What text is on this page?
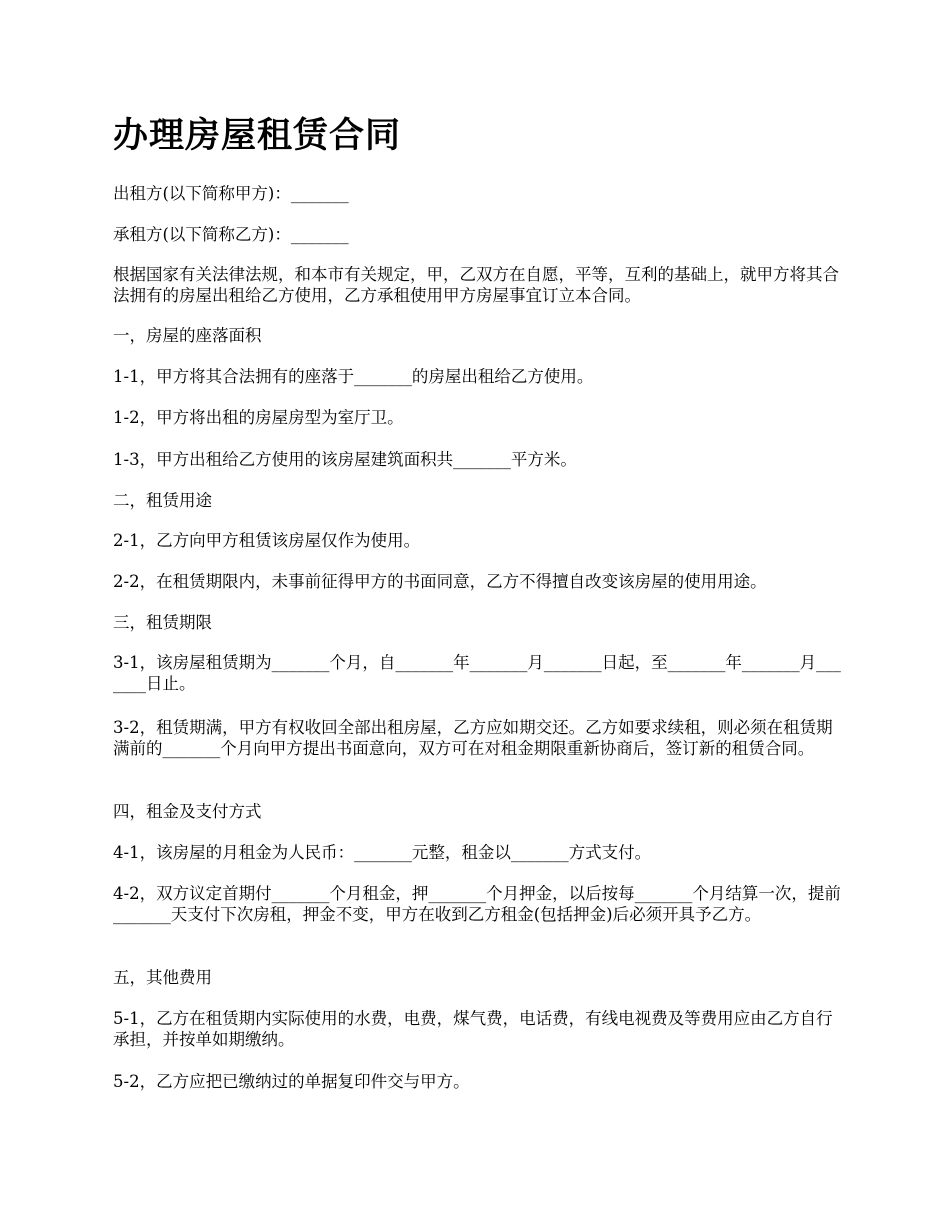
办理房屋租赁合同
出租方(以下简称甲方)：_______
承租方(以下简称乙方)：_______
根据国家有关法律法规，和本市有关规定，甲，乙双方在自愿，平等，互利的基础上，就甲方将其合法拥有的房屋出租给乙方使用，乙方承租使用甲方房屋事宜订立本合同。
一，房屋的座落面积
1-1，甲方将其合法拥有的座落于_______的房屋出租给乙方使用。
1-2，甲方将出租的房屋房型为室厅卫。
1-3，甲方出租给乙方使用的该房屋建筑面积共_______平方米。
二，租赁用途
2-1，乙方向甲方租赁该房屋仅作为使用。
2-2，在租赁期限内，未事前征得甲方的书面同意，乙方不得擅自改变该房屋的使用用途。
三，租赁期限
3-1，该房屋租赁期为_______个月，自_______年_______月_______日起，至_______年_______月_______日止。
3-2，租赁期满，甲方有权收回全部出租房屋，乙方应如期交还。乙方如要求续租，则必须在租赁期满前的_______个月向甲方提出书面意向，双方可在对租金期限重新协商后，签订新的租赁合同。
四，租金及支付方式
4-1，该房屋的月租金为人民币：_______元整，租金以_______方式支付。
4-2，双方议定首期付_______个月租金，押_______个月押金，以后按每_______个月结算一次，提前_______天支付下次房租，押金不变，甲方在收到乙方租金(包括押金)后必须开具予乙方。
五，其他费用
5-1，乙方在租赁期内实际使用的水费，电费，煤气费，电话费，有线电视费及等费用应由乙方自行承担，并按单如期缴纳。
5-2，乙方应把已缴纳过的单据复印件交与甲方。
